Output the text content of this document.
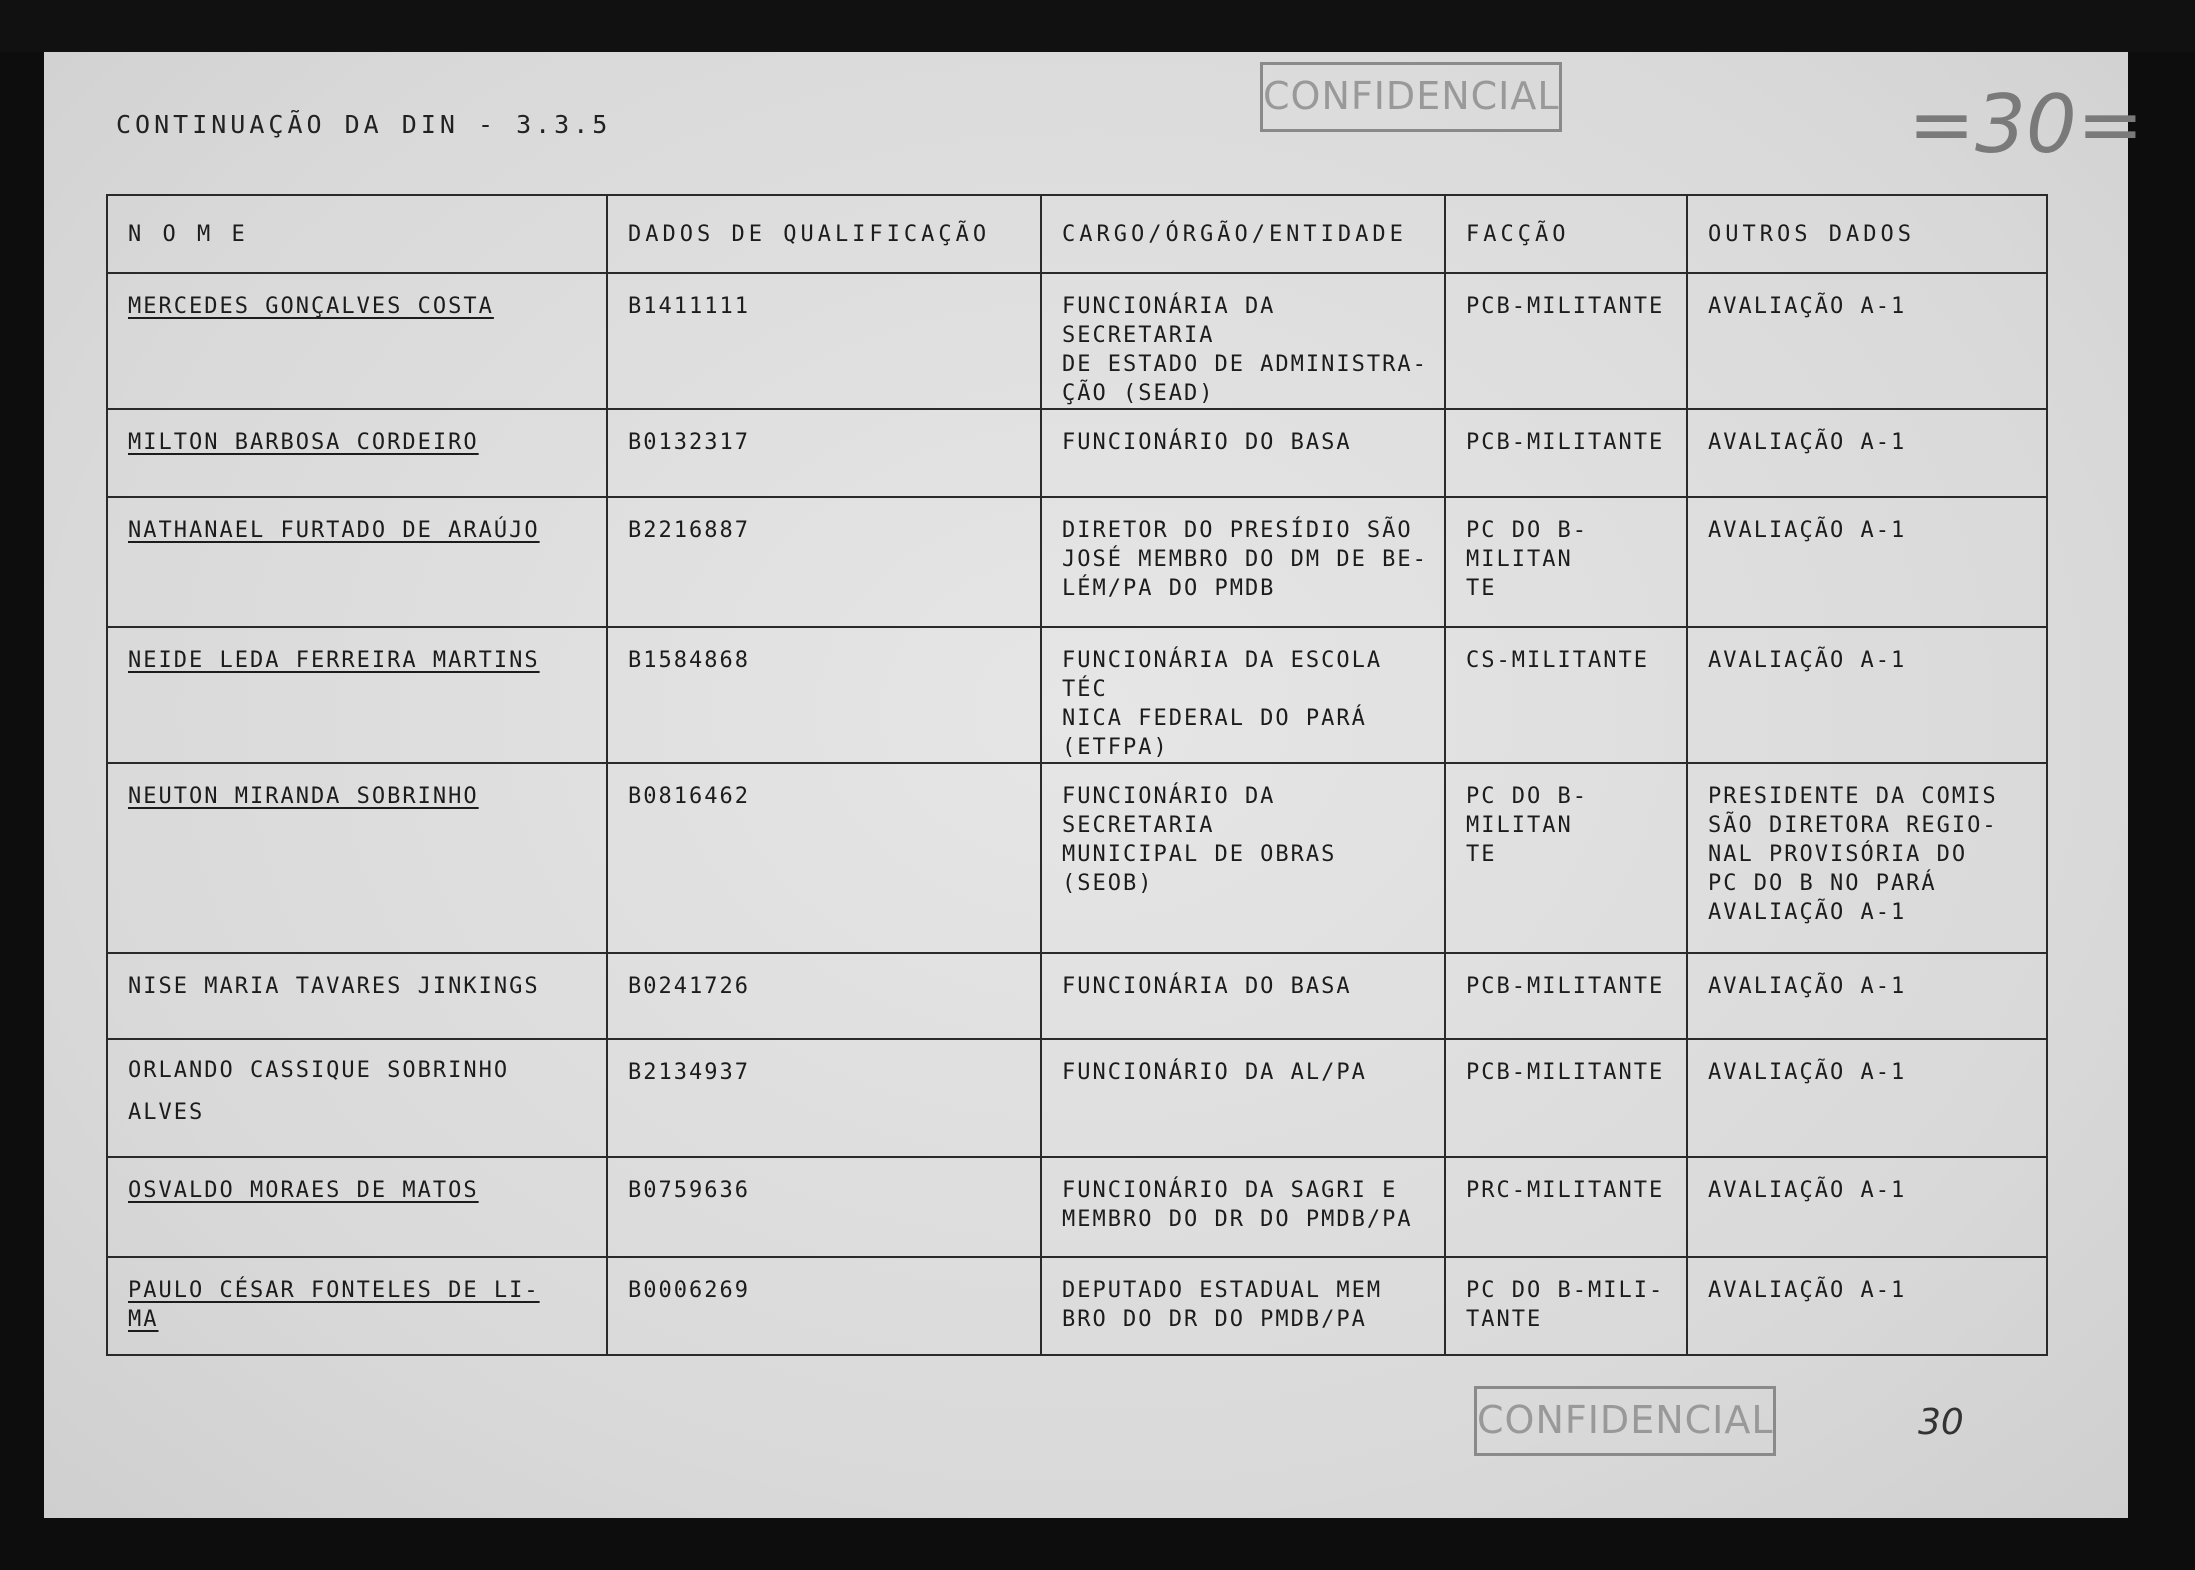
CONTINUAÇÃO DA DIN - 3.3.5
CONFIDENCIAL	=30=
N O M E	DADOS DE QUALIFICAÇÃO	CARGO/ÓRGÃO/ENTIDADE	FACÇÃO	OUTROS DADOS
MERCEDES GONÇALVES COSTA	B1411111	FUNCIONÁRIA DA SECRETARIA
DE ESTADO DE ADMINISTRA-
ÇÃO (SEAD)	PCB-MILITANTE	AVALIAÇÃO A-1
MILTON BARBOSA CORDEIRO	B0132317	FUNCIONÁRIO DO BASA	PCB-MILITANTE	AVALIAÇÃO A-1
NATHANAEL FURTADO DE ARAÚJO	B2216887	DIRETOR DO PRESÍDIO SÃO
JOSÉ MEMBRO DO DM DE BE-
LÉM/PA DO PMDB	PC DO B-MILITAN
TE	AVALIAÇÃO A-1
NEIDE LEDA FERREIRA MARTINS	B1584868	FUNCIONÁRIA DA ESCOLA TÉC
NICA FEDERAL DO PARÁ
(ETFPA)	CS-MILITANTE	AVALIAÇÃO A-1
NEUTON MIRANDA SOBRINHO	B0816462	FUNCIONÁRIO DA SECRETARIA
MUNICIPAL DE OBRAS (SEOB)	PC DO B-MILITAN
TE	PRESIDENTE DA COMIS
SÃO DIRETORA REGIO-
NAL PROVISÓRIA DO
PC DO B NO PARÁ
AVALIAÇÃO A-1
NISE MARIA TAVARES JINKINGS	B0241726	FUNCIONÁRIA DO BASA	PCB-MILITANTE	AVALIAÇÃO A-1
ORLANDO CASSIQUE SOBRINHO
ALVES	B2134937	FUNCIONÁRIO DA AL/PA	PCB-MILITANTE	AVALIAÇÃO A-1
OSVALDO MORAES DE MATOS	B0759636	FUNCIONÁRIO DA SAGRI E
MEMBRO DO DR DO PMDB/PA	PRC-MILITANTE	AVALIAÇÃO A-1
PAULO CÉSAR FONTELES DE LI-
MA	B0006269	DEPUTADO ESTADUAL MEM
BRO DO DR DO PMDB/PA	PC DO B-MILI-
TANTE	AVALIAÇÃO A-1
CONFIDENCIAL	30
